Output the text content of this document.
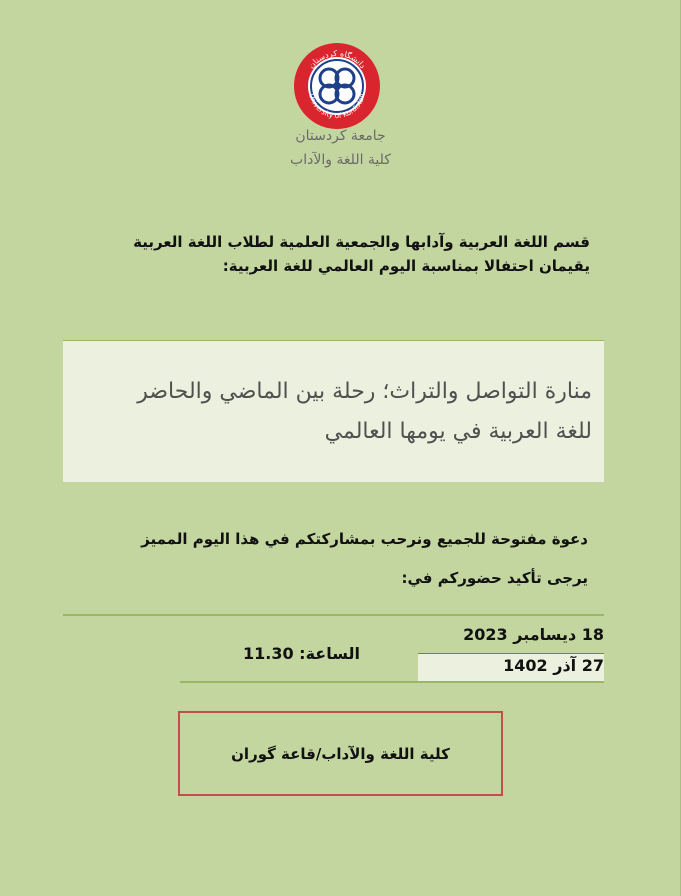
دانشگاه کردستان
University of Kurdistan
جامعة كردستان
كلية اللغة والآداب
قسم اللغة العربية وآدابها والجمعية العلمية لطلاب اللغة العربية
يقيمان احتفالا بمناسبة اليوم العالمي للغة العربية:
منارة التواصل والتراث؛ رحلة بين الماضي والحاضر للغة العربية في يومها العالمي
دعوة مفتوحة للجميع ونرحب بمشاركتكم في هذا اليوم المميز
يرجى تأكيد حضوركم في:
18 ديسامبر 2023
27 آذر 1402
الساعة: 11.30
كلية اللغة والآداب/قاعة گوران
